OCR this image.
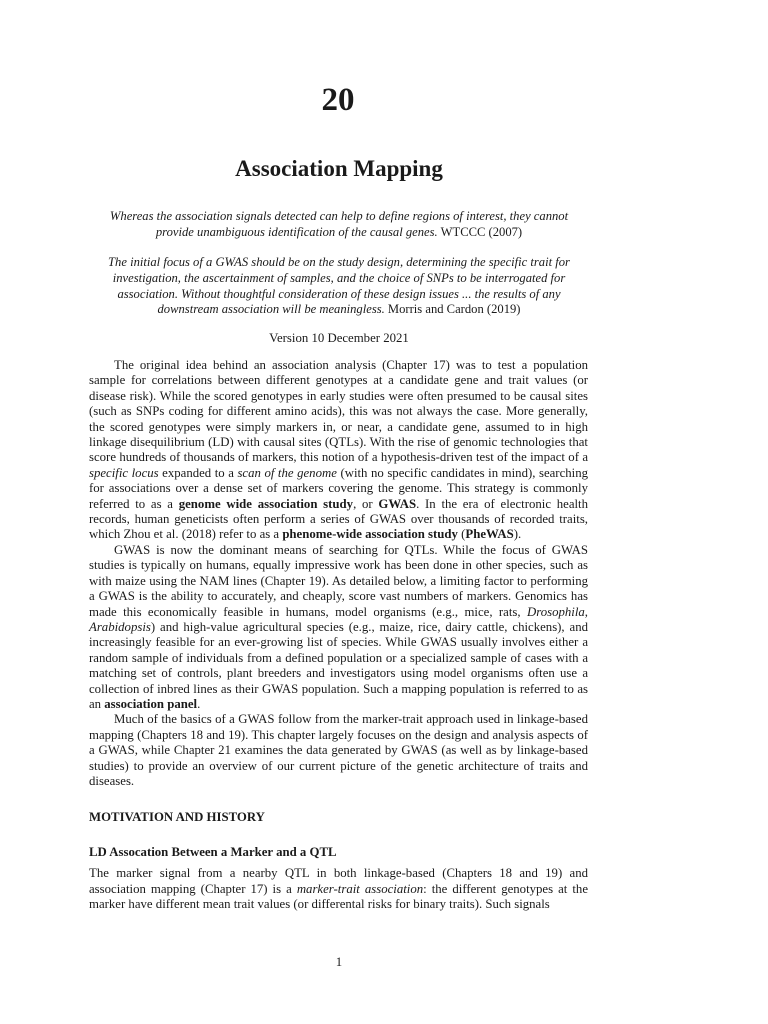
20
Association Mapping
Whereas the association signals detected can help to define regions of interest, they cannot provide unambiguous identification of the causal genes. WTCCC (2007)
The initial focus of a GWAS should be on the study design, determining the specific trait for investigation, the ascertainment of samples, and the choice of SNPs to be interrogated for association. Without thoughtful consideration of these design issues ... the results of any downstream association will be meaningless. Morris and Cardon (2019)
Version 10 December 2021

The original idea behind an association analysis (Chapter 17) was to test a population sample for correlations between different genotypes at a candidate gene and trait values (or disease risk). While the scored genotypes in early studies were often presumed to be causal sites (such as SNPs coding for different amino acids), this was not always the case. More generally, the scored genotypes were simply markers in, or near, a candidate gene, assumed to in high linkage disequilibrium (LD) with causal sites (QTLs). With the rise of genomic technologies that score hundreds of thousands of markers, this notion of a hypothesis-driven test of the impact of a specific locus expanded to a scan of the genome (with no specific candidates in mind), searching for associations over a dense set of markers covering the genome. This strategy is commonly referred to as a genome wide association study, or GWAS. In the era of electronic health records, human geneticists often perform a series of GWAS over thousands of recorded traits, which Zhou et al. (2018) refer to as a phenome-wide association study (PheWAS).

GWAS is now the dominant means of searching for QTLs. While the focus of GWAS studies is typically on humans, equally impressive work has been done in other species, such as with maize using the NAM lines (Chapter 19). As detailed below, a limiting factor to performing a GWAS is the ability to accurately, and cheaply, score vast numbers of markers. Genomics has made this economically feasible in humans, model organisms (e.g., mice, rats, Drosophila, Arabidopsis) and high-value agricultural species (e.g., maize, rice, dairy cattle, chickens), and increasingly feasible for an ever-growing list of species. While GWAS usually involves either a random sample of individuals from a defined population or a specialized sample of cases with a matching set of controls, plant breeders and investigators using model organisms often use a collection of inbred lines as their GWAS population. Such a mapping population is referred to as an association panel.

Much of the basics of a GWAS follow from the marker-trait approach used in linkage-based mapping (Chapters 18 and 19). This chapter largely focuses on the design and analysis aspects of a GWAS, while Chapter 21 examines the data generated by GWAS (as well as by linkage-based studies) to provide an overview of our current picture of the genetic architecture of traits and diseases.

MOTIVATION AND HISTORY
LD Assocation Between a Marker and a QTL

The marker signal from a nearby QTL in both linkage-based (Chapters 18 and 19) and association mapping (Chapter 17) is a marker-trait association: the different genotypes at the marker have different mean trait values (or differental risks for binary traits). Such signals

1
